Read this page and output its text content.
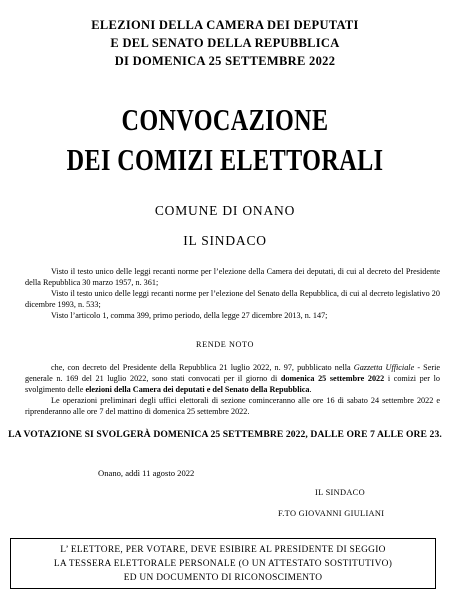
ELEZIONI DELLA CAMERA DEI DEPUTATI
E DEL SENATO DELLA REPUBBLICA
DI DOMENICA 25 SETTEMBRE 2022
CONVOCAZIONE
DEI COMIZI ELETTORALI
COMUNE DI ONANO
IL SINDACO
Visto il testo unico delle leggi recanti norme per l’elezione della Camera dei deputati, di cui al decreto del Presidente della Repubblica 30 marzo 1957, n. 361;
Visto il testo unico delle leggi recanti norme per l’elezione del Senato della Repubblica, di cui al decreto legislativo 20 dicembre 1993, n. 533;
Visto l’articolo 1, comma 399, primo periodo, della legge 27 dicembre 2013, n. 147;
RENDE NOTO
che, con decreto del Presidente della Repubblica 21 luglio 2022, n. 97, pubblicato nella Gazzetta Ufficiale - Serie generale n. 169 del 21 luglio 2022, sono stati convocati per il giorno di domenica 25 settembre 2022 i comizi per lo svolgimento delle elezioni della Camera dei deputati e del Senato della Repubblica.
Le operazioni preliminari degli uffici elettorali di sezione cominceranno alle ore 16 di sabato 24 settembre 2022 e riprenderanno alle ore 7 del mattino di domenica 25 settembre 2022.
LA VOTAZIONE SI SVOLGERÀ DOMENICA 25 SETTEMBRE 2022, DALLE ORE 7 ALLE ORE 23.
Onano, addì 11 agosto 2022
IL SINDACO
F.TO GIOVANNI GIULIANI
L’ ELETTORE, PER VOTARE, DEVE ESIBIRE AL PRESIDENTE DI SEGGIO
LA TESSERA ELETTORALE PERSONALE (O UN ATTESTATO SOSTITUTIVO)
ED UN DOCUMENTO DI RICONOSCIMENTO
